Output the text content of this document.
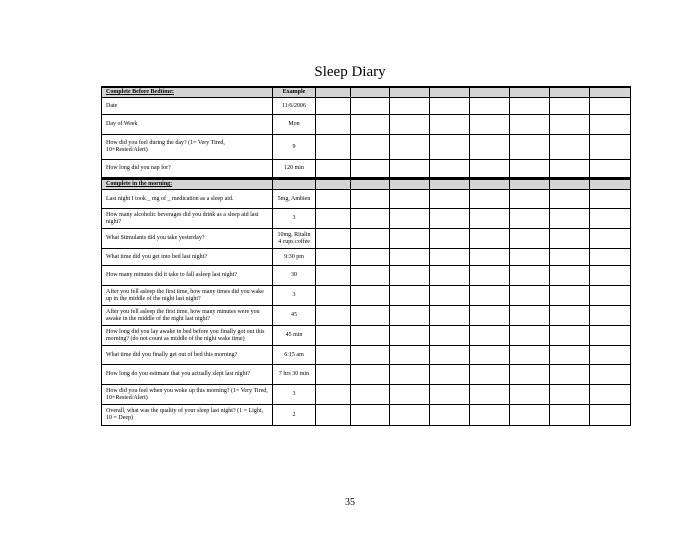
Sleep Diary
Complete Before Bedtime:	Example								
Date	11/6/2006								
Day of Week	Mon								
How did you feel during the day? (1= Very Tired, 10=Rested/Alert)	9								
How long did you nap for?	120 min								
Complete in the morning:									
Last night I took _ mg of _ medication as a sleep aid.	5mg, Ambien								
How many alcoholic beverages did you drink as a sleep aid last night?	3								
What Stimulants did you take yesterday?	10mg, Ritalin 4 cups coffee								
What time did you get into bed last night?	9:30 pm								
How many minutes did it take to fall asleep last night?	30								
After you fell asleep the first time, how many times did you wake up in the middle of the night last night?	3								
After you fell asleep the first time, how many minutes were you awake in the middle of the night last night?	45								
How long did you lay awake in bed before you finally got out this morning? (do not count as middle of the night wake time)	45 min								
What time did you finally get out of bed this morning?	6:15 am								
How long do you estimate that you actually slept last night?	7 hrs 30 min								
How did you feel when you woke up this morning? (1= Very Tired, 10=Rested/Alert)	3								
Overall, what was the quality of your sleep last night? (1 = Light, 10 = Deep)	2								
35
